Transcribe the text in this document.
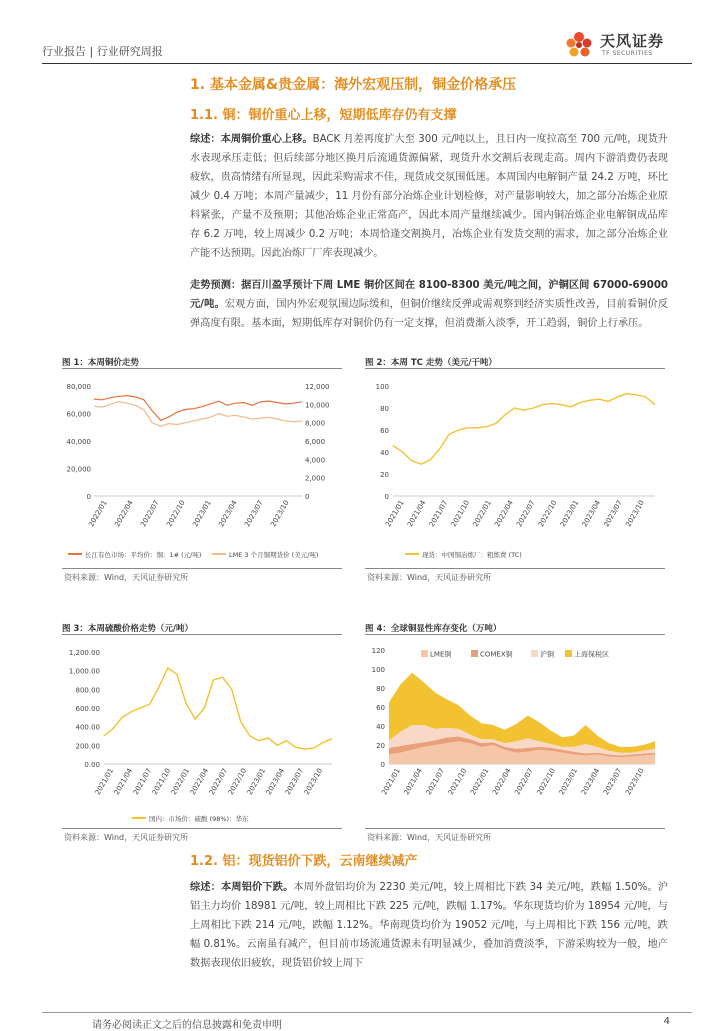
行业报告 | 行业研究周报
天风证券
TF SECURITIES
1. 基本金属&贵金属：海外宏观压制，铜金价格承压
1.1. 铜：铜价重心上移，短期低库存仍有支撑
综述：本周铜价重心上移。BACK 月差再度扩大至 300 元/吨以上，且日内一度拉高至 700 元/吨，现货升水表现承压走低；但后续部分地区换月后流通货源偏紧，现货升水交割后表现走高。周内下游消费仍表现疲软，贵高情绪有所显现，因此采购需求不佳，现货成交氛围低迷。本周国内电解铜产量 24.2 万吨，环比减少 0.4 万吨；本周产量减少，11 月份有部分冶炼企业计划检修，对产量影响较大，加之部分冶炼企业原料紧张，产量不及预期；其他冶炼企业正常高产，因此本周产量继续减少。国内铜冶炼企业电解铜成品库存 6.2 万吨，较上周减少 0.2 万吨；本周恰逢交割换月，冶炼企业有发货交割的需求，加之部分冶炼企业产能不达预期。因此冶炼厂厂库表现减少。
走势预测：据百川盈孚预计下周 LME 铜价区间在 8100-8300 美元/吨之间，沪铜区间 67000-69000 元/吨。宏观方面，国内外宏观氛围边际缓和，但铜价继续反弹或需观察到经济实质性改善，目前看铜价反弹高度有限。基本面，短期低库存对铜价仍有一定支撑，但消费渐入淡季，开工趋弱，铜价上行承压。
图 1：本周铜价走势
0
20,000
40,000
60,000
80,000
0
2,000
4,000
6,000
8,000
10,000
12,000
2022/01 2022/04 2022/07 2022/10 2023/01 2023/04 2023/07 2023/10
长江有色市场：平均价：铜：1# (元/吨)	LME 3 个月铜期货价 (美元/吨)
资料来源：Wind，天风证券研究所
图 2：本周 TC 走势（美元/干吨）
0
20
40
60
80
100
2021/01 2021/04 2021/07 2021/10 2022/01 2022/04 2022/07 2022/10 2023/01 2023/04 2023/07 2023/10
现货：中国铜冶炼厂：粗炼费 (TC)
资料来源：Wind，天风证券研究所
图 3：本周硫酸价格走势（元/吨）
0.00
200.00
400.00
600.00
800.00
1,000.00
1,200.00
2021/01
2021/04
2021/07
2021/10
2022/01
2022/04
2022/07
2022/10
2023/01
2023/04
2023/07
2023/10
国内：市场价：硫酸 (98%)：华东
资料来源：Wind，天风证券研究所
图 4：全球铜显性库存变化（万吨）
0
20
40
60
80
100
120
2021/01 2021/04 2021/07 2021/10 2022/01 2022/04 2022/07 2022/10 2023/01 2023/04 2023/07 2023/10
LME铜	COMEX铜	沪铜	上海保税区
资料来源：Wind，天风证券研究所
1.2. 铝：现货铝价下跌，云南继续减产
综述：本周铝价下跌。本周外盘铝均价为 2230 美元/吨，较上周相比下跌 34 美元/吨，跌幅 1.50%。沪铝主力均价 18981 元/吨，较上周相比下跌 225 元/吨，跌幅 1.17%。华东现货均价为 18954 元/吨，与上周相比下跌 214 元/吨，跌幅 1.12%。华南现货均价为 19052 元/吨，与上周相比下跌 156 元/吨，跌幅 0.81%。云南虽有减产，但目前市场流通货源未有明显减少，叠加消费淡季，下游采购较为一般，地产数据表现依旧疲软，现货铝价较上周下
请务必阅读正文之后的信息披露和免责申明	4
